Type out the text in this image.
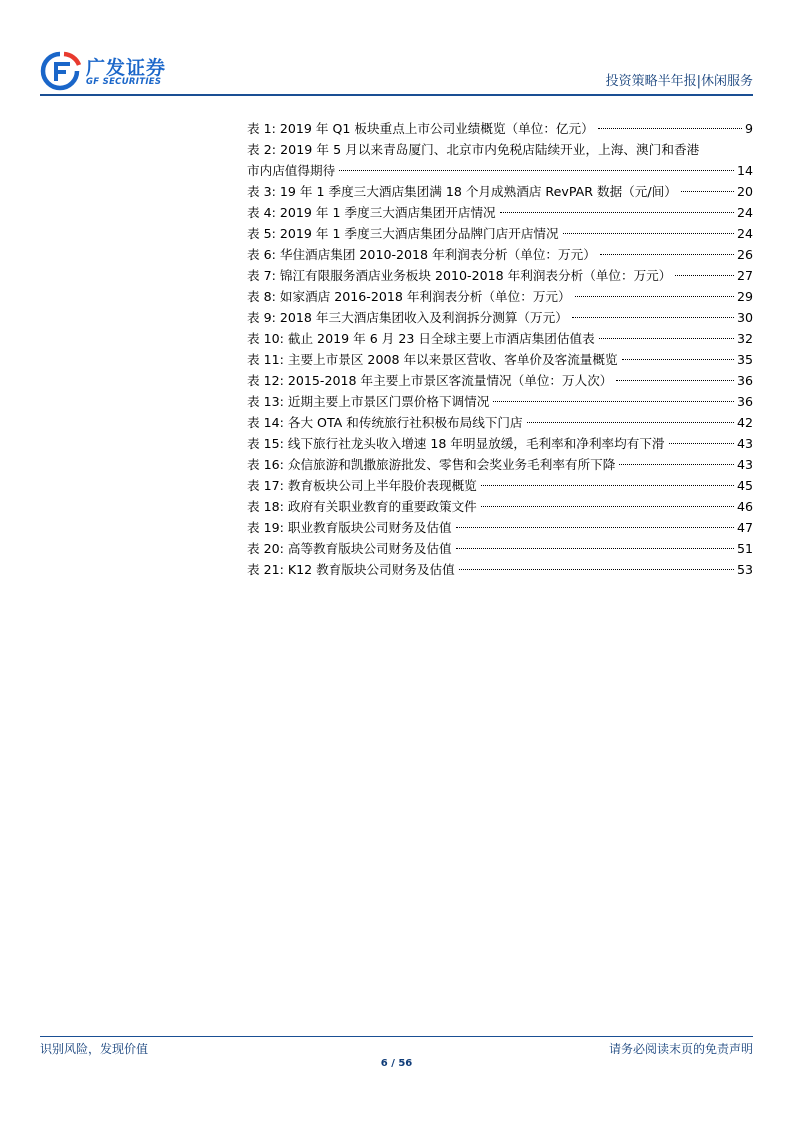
广发证券
GF SECURITIES	投资策略半年报|休闲服务
表 1: 2019 年 Q1 板块重点上市公司业绩概览（单位：亿元）	9
表 2: 2019 年 5 月以来青岛厦门、北京市内免税店陆续开业，上海、澳门和香港
市内店值得期待	14
表 3: 19 年 1 季度三大酒店集团满 18 个月成熟酒店 RevPAR 数据（元/间）	20
表 4: 2019 年 1 季度三大酒店集团开店情况	24
表 5: 2019 年 1 季度三大酒店集团分品牌门店开店情况	24
表 6: 华住酒店集团 2010-2018 年利润表分析（单位：万元）	26
表 7: 锦江有限服务酒店业务板块 2010-2018 年利润表分析（单位：万元）	27
表 8: 如家酒店 2016-2018 年利润表分析（单位：万元）	29
表 9: 2018 年三大酒店集团收入及利润拆分测算（万元）	30
表 10: 截止 2019 年 6 月 23 日全球主要上市酒店集团估值表	32
表 11: 主要上市景区 2008 年以来景区营收、客单价及客流量概览	35
表 12: 2015-2018 年主要上市景区客流量情况（单位：万人次）	36
表 13: 近期主要上市景区门票价格下调情况	36
表 14: 各大 OTA 和传统旅行社积极布局线下门店	42
表 15: 线下旅行社龙头收入增速 18 年明显放缓，毛利率和净利率均有下滑	43
表 16: 众信旅游和凯撒旅游批发、零售和会奖业务毛利率有所下降	43
表 17: 教育板块公司上半年股价表现概览	45
表 18: 政府有关职业教育的重要政策文件	46
表 19: 职业教育版块公司财务及估值	47
表 20: 高等教育版块公司财务及估值	51
表 21: K12 教育版块公司财务及估值	53
识别风险，发现价值	请务必阅读末页的免责声明
6 / 56
